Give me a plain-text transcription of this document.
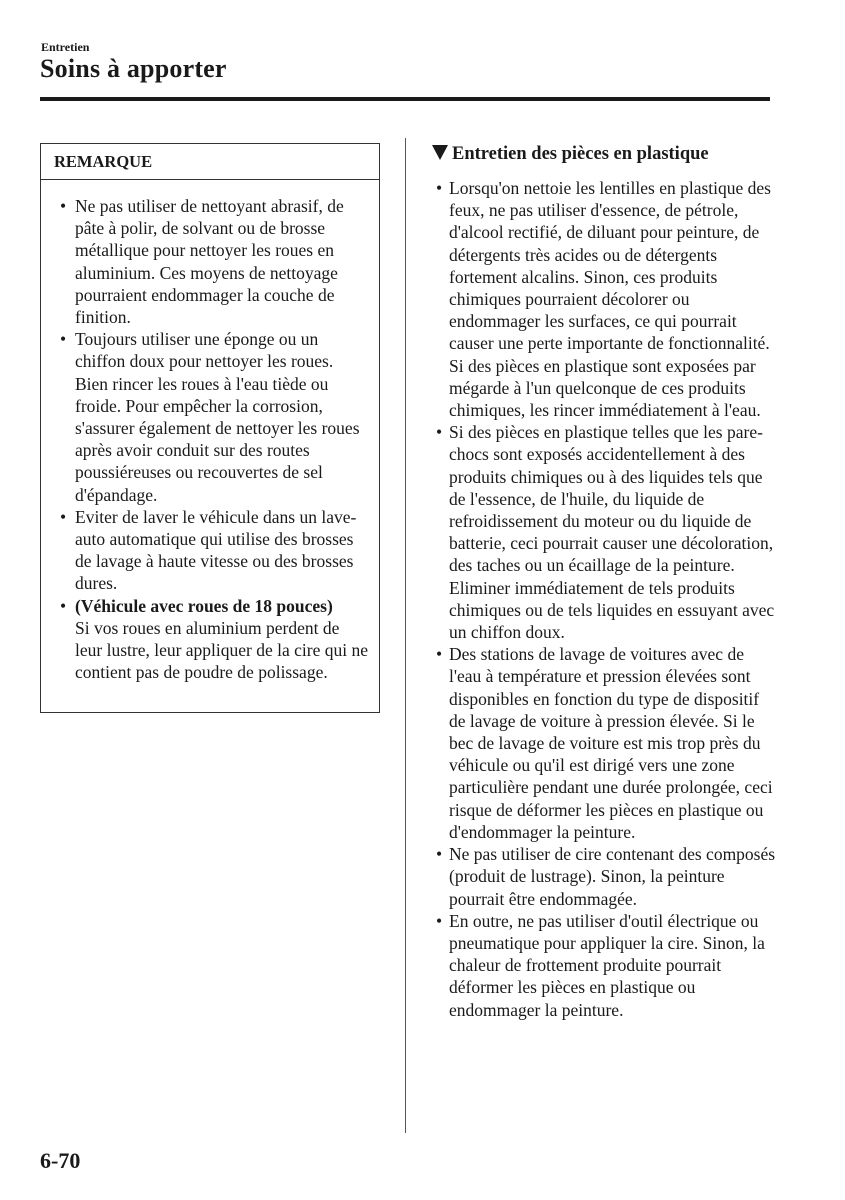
Entretien
Soins à apporter
REMARQUE
• Ne pas utiliser de nettoyant abrasif, de pâte à polir, de solvant ou de brosse métallique pour nettoyer les roues en aluminium. Ces moyens de nettoyage pourraient endommager la couche de finition.
• Toujours utiliser une éponge ou un chiffon doux pour nettoyer les roues. Bien rincer les roues à l'eau tiède ou froide. Pour empêcher la corrosion, s'assurer également de nettoyer les roues après avoir conduit sur des routes poussiéreuses ou recouvertes de sel d'épandage.
• Eviter de laver le véhicule dans un lave-auto automatique qui utilise des brosses de lavage à haute vitesse ou des brosses dures.
• (Véhicule avec roues de 18 pouces)
Si vos roues en aluminium perdent de leur lustre, leur appliquer de la cire qui ne contient pas de poudre de polissage.
Entretien des pièces en plastique
• Lorsqu'on nettoie les lentilles en plastique des feux, ne pas utiliser d'essence, de pétrole, d'alcool rectifié, de diluant pour peinture, de détergents très acides ou de détergents fortement alcalins. Sinon, ces produits chimiques pourraient décolorer ou endommager les surfaces, ce qui pourrait causer une perte importante de fonctionnalité. Si des pièces en plastique sont exposées par mégarde à l'un quelconque de ces produits chimiques, les rincer immédiatement à l'eau.
• Si des pièces en plastique telles que les pare-chocs sont exposés accidentellement à des produits chimiques ou à des liquides tels que de l'essence, de l'huile, du liquide de refroidissement du moteur ou du liquide de batterie, ceci pourrait causer une décoloration, des taches ou un écaillage de la peinture. Eliminer immédiatement de tels produits chimiques ou de tels liquides en essuyant avec un chiffon doux.
• Des stations de lavage de voitures avec de l'eau à température et pression élevées sont disponibles en fonction du type de dispositif de lavage de voiture à pression élevée. Si le bec de lavage de voiture est mis trop près du véhicule ou qu'il est dirigé vers une zone particulière pendant une durée prolongée, ceci risque de déformer les pièces en plastique ou d'endommager la peinture.
• Ne pas utiliser de cire contenant des composés (produit de lustrage). Sinon, la peinture pourrait être endommagée.
• En outre, ne pas utiliser d'outil électrique ou pneumatique pour appliquer la cire. Sinon, la chaleur de frottement produite pourrait déformer les pièces en plastique ou endommager la peinture.
6-70
